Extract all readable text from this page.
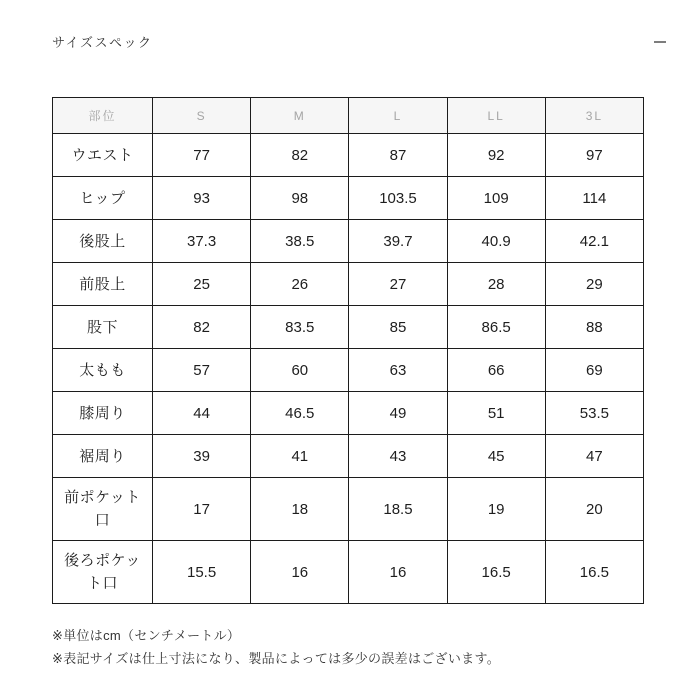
サイズスペック
部位	S	M	L	LL	3L
ウエスト	77	82	87	92	97
ヒップ	93	98	103.5	109	114
後股上	37.3	38.5	39.7	40.9	42.1
前股上	25	26	27	28	29
股下	82	83.5	85	86.5	88
太もも	57	60	63	66	69
膝周り	44	46.5	49	51	53.5
裾周り	39	41	43	45	47
前ポケット口	17	18	18.5	19	20
後ろポケット口	15.5	16	16	16.5	16.5

※単位はcm（センチメートル）

※表記サイズは仕上寸法になり、製品によっては多少の誤差はございます。
